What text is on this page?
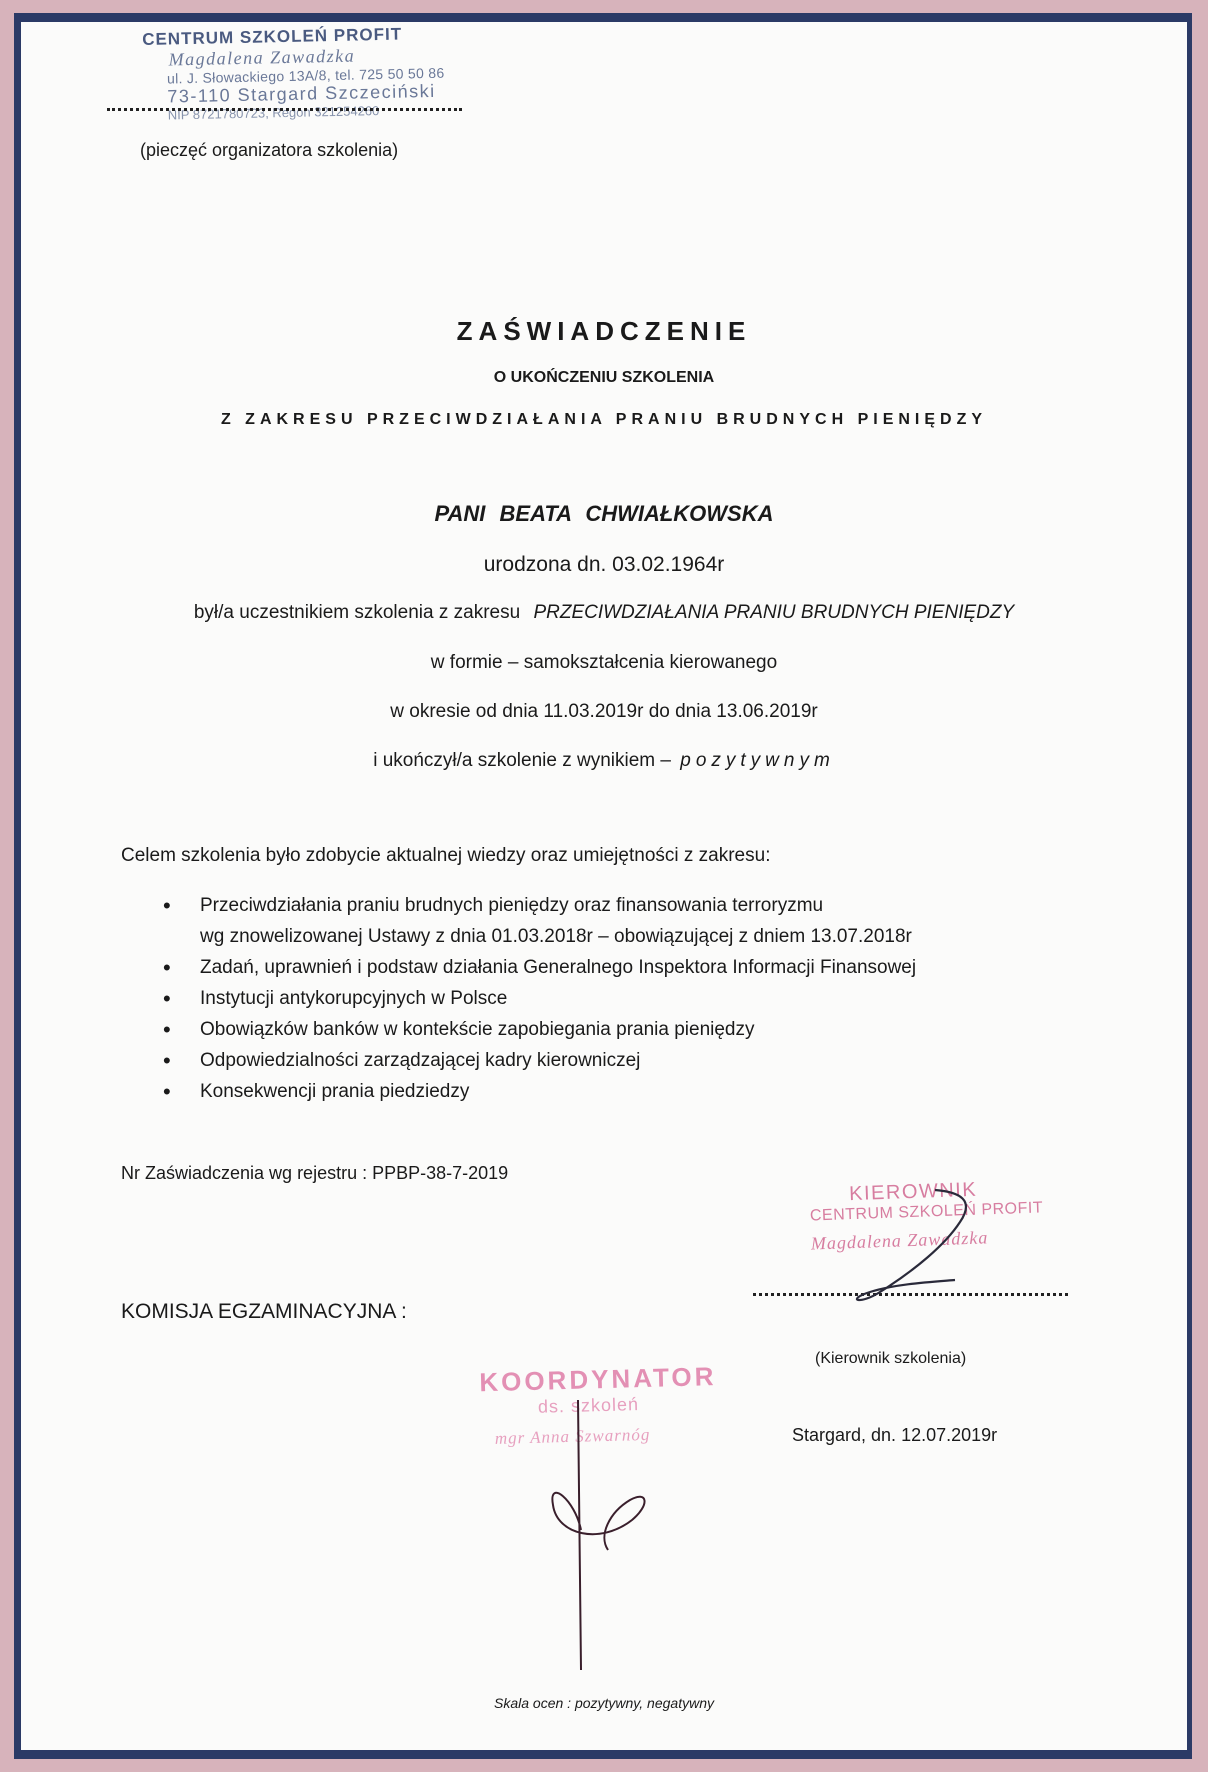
CENTRUM SZKOLEŃ PROFIT
Magdalena Zawadzka
ul. J. Słowackiego 13A/8, tel. 725 50 50 86
73-110 Stargard Szczeciński
NIP 8721780723, Regon 321254260
(pieczęć organizatora szkolenia)
ZAŚWIADCZENIE
O UKOŃCZENIU SZKOLENIA
Z ZAKRESU PRZECIWDZIAŁANIA PRANIU BRUDNYCH PIENIĘDZY
PANI BEATA CHWIAŁKOWSKA
urodzona dn. 03.02.1964r
był/a uczestnikiem szkolenia z zakresu PRZECIWDZIAŁANIA PRANIU BRUDNYCH PIENIĘDZY
w formie – samokształcenia kierowanego
w okresie od dnia 11.03.2019r do dnia 13.06.2019r
i ukończył/a szkolenie z wynikiem – pozytywnym
Celem szkolenia było zdobycie aktualnej wiedzy oraz umiejętności z zakresu:
• Przeciwdziałania praniu brudnych pieniędzy oraz finansowania terroryzmu
wg znowelizowanej Ustawy z dnia 01.03.2018r – obowiązującej z dniem 13.07.2018r
• Zadań, uprawnień i podstaw działania Generalnego Inspektora Informacji Finansowej
• Instytucji antykorupcyjnych w Polsce
• Obowiązków banków w kontekście zapobiegania prania pieniędzy
• Odpowiedzialności zarządzającej kadry kierowniczej
• Konsekwencji prania piedziedzy
Nr Zaświadczenia wg rejestru : PPBP-38-7-2019
KIEROWNIK
CENTRUM SZKOLEŃ PROFIT
Magdalena Zawadzka
KOMISJA EGZAMINACYJNA :
(Kierownik szkolenia)
KOORDYNATOR
ds. szkoleń
mgr Anna Szwarnóg	Stargard, dn. 12.07.2019r
Skala ocen : pozytywny, negatywny
